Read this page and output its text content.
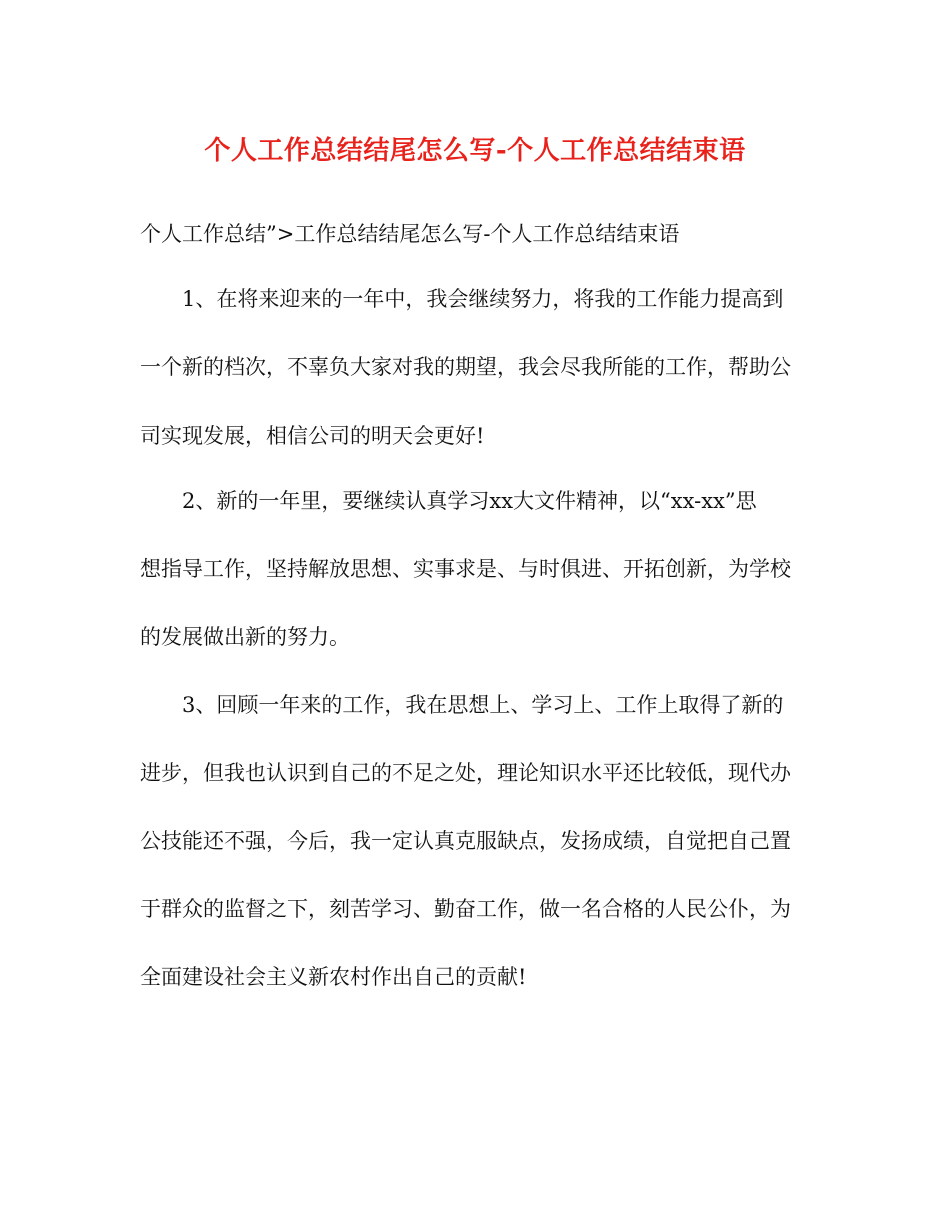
个人工作总结结尾怎么写-个人工作总结结束语

个人工作总结”>工作总结结尾怎么写-个人工作总结结束语

1、在将来迎来的一年中，我会继续努力，将我的工作能力提高到

一个新的档次，不辜负大家对我的期望，我会尽我所能的工作，帮助公

司实现发展，相信公司的明天会更好!

2、新的一年里，要继续认真学习xx大文件精神，以“xx-xx”思

想指导工作，坚持解放思想、实事求是、与时俱进、开拓创新，为学校

的发展做出新的努力。

3、回顾一年来的工作，我在思想上、学习上、工作上取得了新的

进步，但我也认识到自己的不足之处，理论知识水平还比较低，现代办

公技能还不强，今后，我一定认真克服缺点，发扬成绩，自觉把自己置

于群众的监督之下，刻苦学习、勤奋工作，做一名合格的人民公仆，为

全面建设社会主义新农村作出自己的贡献!
